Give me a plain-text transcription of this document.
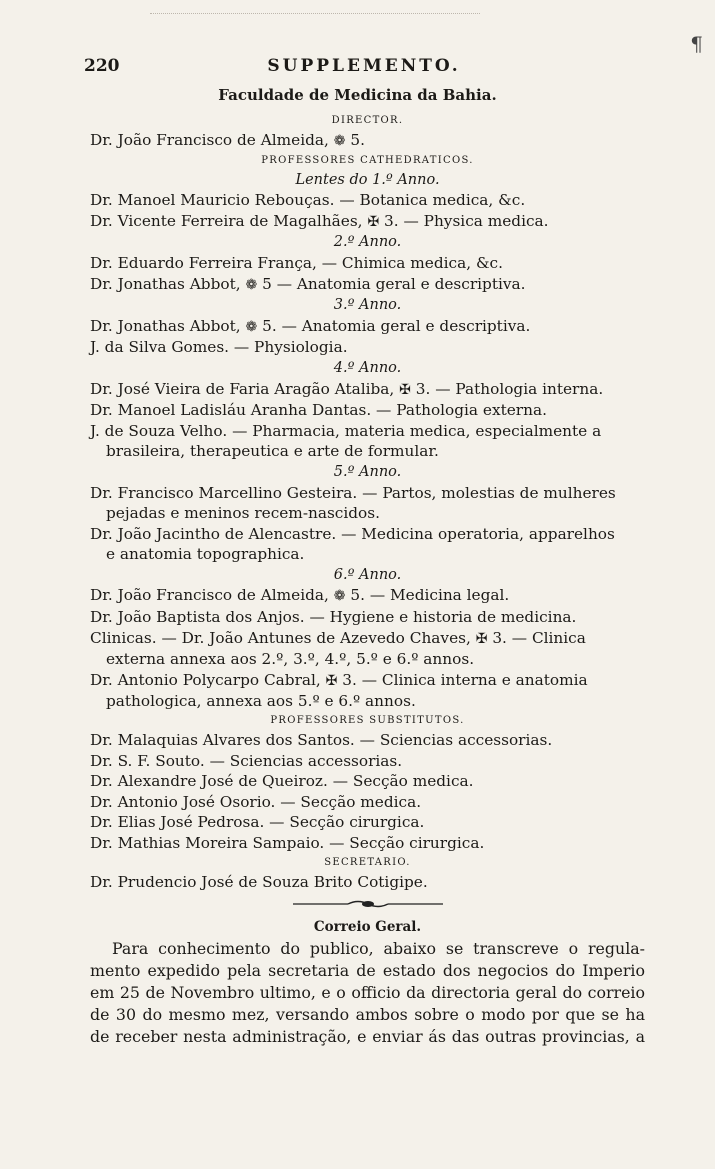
¶
220	SUPPLEMENTO.
Faculdade de Medicina da Bahia.
DIRECTOR.
Dr. João Francisco de Almeida, ❁ 5.
PROFESSORES CATHEDRATICOS.
Lentes do 1.º Anno.
Dr. Manoel Mauricio Rebouças. — Botanica medica, &c.
Dr. Vicente Ferreira de Magalhães, ✠ 3. — Physica medica.
2.º Anno.
Dr. Eduardo Ferreira França, — Chimica medica, &c.
Dr. Jonathas Abbot, ❁ 5 — Anatomia geral e descriptiva.
3.º Anno.
Dr. Jonathas Abbot, ❁ 5. — Anatomia geral e descriptiva.
J. da Silva Gomes. — Physiologia.
4.º Anno.
Dr. José Vieira de Faria Aragão Ataliba, ✠ 3. — Pathologia interna.
Dr. Manoel Ladisláu Aranha Dantas. — Pathologia externa.
J. de Souza Velho. — Pharmacia, materia medica, especialmente a
brasileira, therapeutica e arte de formular.
5.º Anno.
Dr. Francisco Marcellino Gesteira. — Partos, molestias de mulheres
pejadas e meninos recem-nascidos.
Dr. João Jacintho de Alencastre. — Medicina operatoria, apparelhos
e anatomia topographica.
6.º Anno.
Dr. João Francisco de Almeida, ❁ 5. — Medicina legal.
Dr. João Baptista dos Anjos. — Hygiene e historia de medicina.
Clinicas. — Dr. João Antunes de Azevedo Chaves, ✠ 3. — Clinica
externa annexa aos 2.º, 3.º, 4.º, 5.º e 6.º annos.
Dr. Antonio Polycarpo Cabral, ✠ 3. — Clinica interna e anatomia
pathologica, annexa aos 5.º e 6.º annos.
PROFESSORES SUBSTITUTOS.
Dr. Malaquias Alvares dos Santos. — Sciencias accessorias.
Dr. S. F. Souto. — Sciencias accessorias.
Dr. Alexandre José de Queiroz. — Secção medica.
Dr. Antonio José Osorio. — Secção medica.
Dr. Elias José Pedrosa. — Secção cirurgica.
Dr. Mathias Moreira Sampaio. — Secção cirurgica.
SECRETARIO.
Dr. Prudencio José de Souza Brito Cotigipe.
Correio Geral.
Para conhecimento do publico, abaixo se transcreve o regula-
mento expedido pela secretaria de estado dos negocios do Imperio
em 25 de Novembro ultimo, e o officio da directoria geral do correio
de 30 do mesmo mez, versando ambos sobre o modo por que se ha
de receber nesta administração, e enviar ás das outras provincias, a
